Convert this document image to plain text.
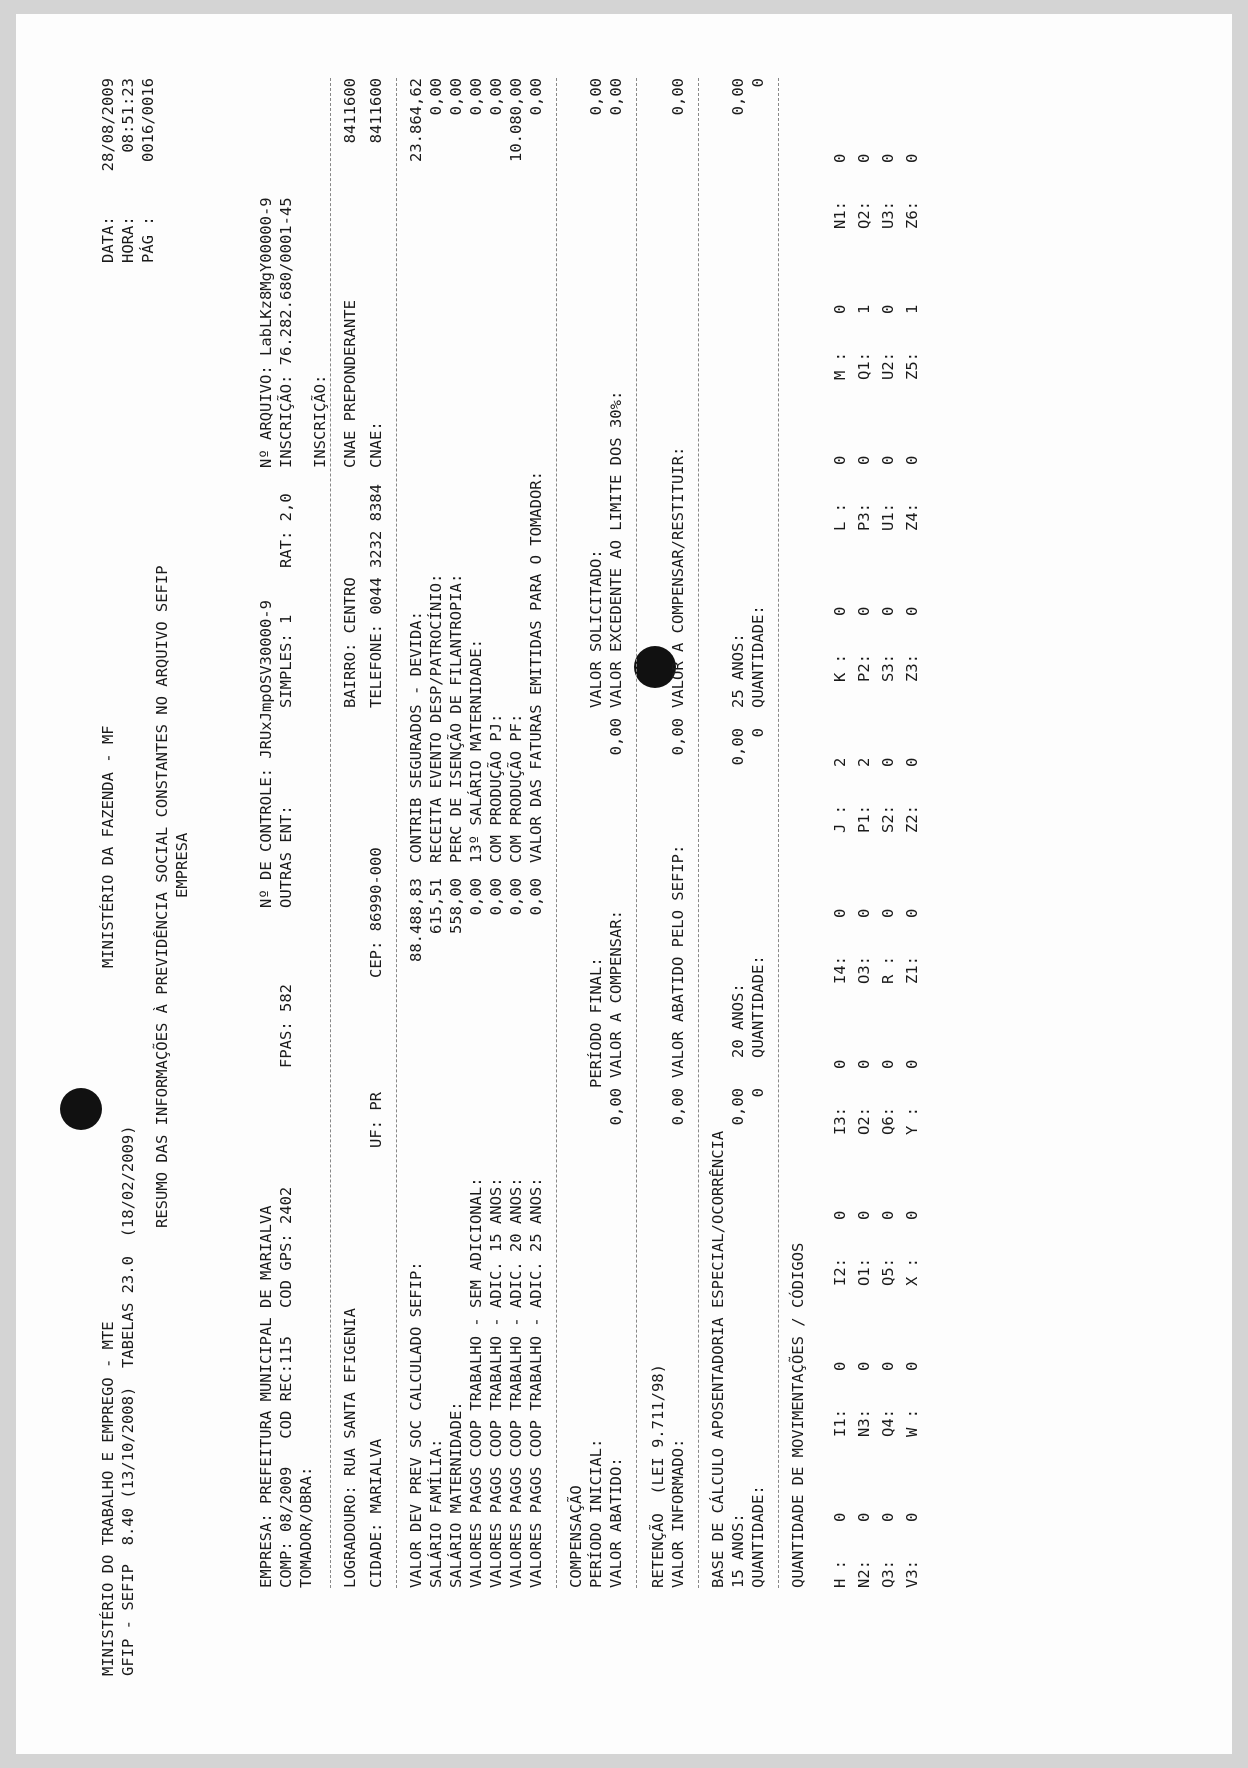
MINISTÉRIO DO TRABALHO E EMPREGO - MTE GFIP - SEFIP  8.40 (13/10/2008)  TABELAS 23.0  (18/02/2009)
MINISTÉRIO DA FAZENDA - MF
DATA:
28/08/2009
HORA:
08:51:23
PÁG :
0016/0016
RESUMO DAS INFORMAÇÕES À PREVIDÊNCIA SOCIAL CONSTANTES NO ARQUIVO SEFIP EMPRESA
EMPRESA: PREFEITURA MUNICIPAL DE MARIALVA
Nº DE CONTROLE: JRUxJmpOSV30000-9
Nº ARQUIVO: LabLKz8MgY00000-9
COMP: 08/2009   COD REC:115   COD GPS: 2402
FPAS: 582
OUTRAS ENT:
SIMPLES: 1
RAT: 2,0
INSCRIÇÃO: 76.282.680/0001-45
TOMADOR/OBRA:
INSCRIÇÃO:
LOGRADOURO: RUA SANTA EFIGENIA
BAIRRO: CENTRO
CNAE PREPONDERANTE
8411600
CIDADE: MARIALVA
UF: PR
CEP: 86990-000
TELEFONE: 0044 3232 8384
CNAE:
8411600
VALOR DEV PREV SOC CALCULADO SEFIP:
88.488,83
SALÁRIO FAMÍLIA:
615,51
SALÁRIO MATERNIDADE:
558,00
VALORES PAGOS COOP TRABALHO - SEM ADICIONAL:
0,00
VALORES PAGOS COOP TRABALHO - ADIC. 15 ANOS:
0,00
VALORES PAGOS COOP TRABALHO - ADIC. 20 ANOS:
0,00
VALORES PAGOS COOP TRABALHO - ADIC. 25 ANOS:
0,00
CONTRIB SEGURADOS - DEVIDA:
23.864,62
RECEITA EVENTO DESP/PATROCÍNIO:
0,00
PERC DE ISENÇÃO DE FILANTROPIA:
0,00
13º SALÁRIO MATERNIDADE:
0,00
COM PRODUÇÃO PJ:
0,00
COM PRODUÇÃO PF:
10.080,00
VALOR DAS FATURAS EMITIDAS PARA O TOMADOR:
0,00
COMPENSAÇÃO PERÍODO INICIAL:
PERÍODO FINAL:
VALOR SOLICITADO:
0,00
VALOR ABATIDO:
0,00
VALOR A COMPENSAR:
0,00
VALOR EXCEDENTE AO LIMITE DOS 30%:
0,00
RETENÇÃO  (LEI 9.711/98) VALOR INFORMADO:
0,00
VALOR ABATIDO PELO SEFIP:
0,00
VALOR A COMPENSAR/RESTITUIR:
0,00
BASE DE CÁLCULO APOSENTADORIA ESPECIAL/OCORRÊNCIA 15 ANOS:
0,00
QUANTIDADE:
0
20 ANOS:
0,00
QUANTIDADE:
0
25 ANOS:
0,00
QUANTIDADE:
0
QUANTIDADE DE MOVIMENTAÇÕES / CÓDIGOS H :
0
I1:
0
I2:
0
I3:
0
I4:
0
J :
2
K :
0
L :
0
M :
0
N1:
0
N2:
0
N3:
0
O1:
0
O2:
0
O3:
0
P1:
2
P2:
0
P3:
0
Q1:
1
Q2:
0
Q3:
0
Q4:
0
Q5:
0
Q6:
0
R :
0
S2:
0
S3:
0
U1:
0
U2:
0
U3:
0
V3:
0
W :
0
X :
0
Y :
0
Z1:
0
Z2:
0
Z3:
0
Z4:
0
Z5:
1
Z6:
0
